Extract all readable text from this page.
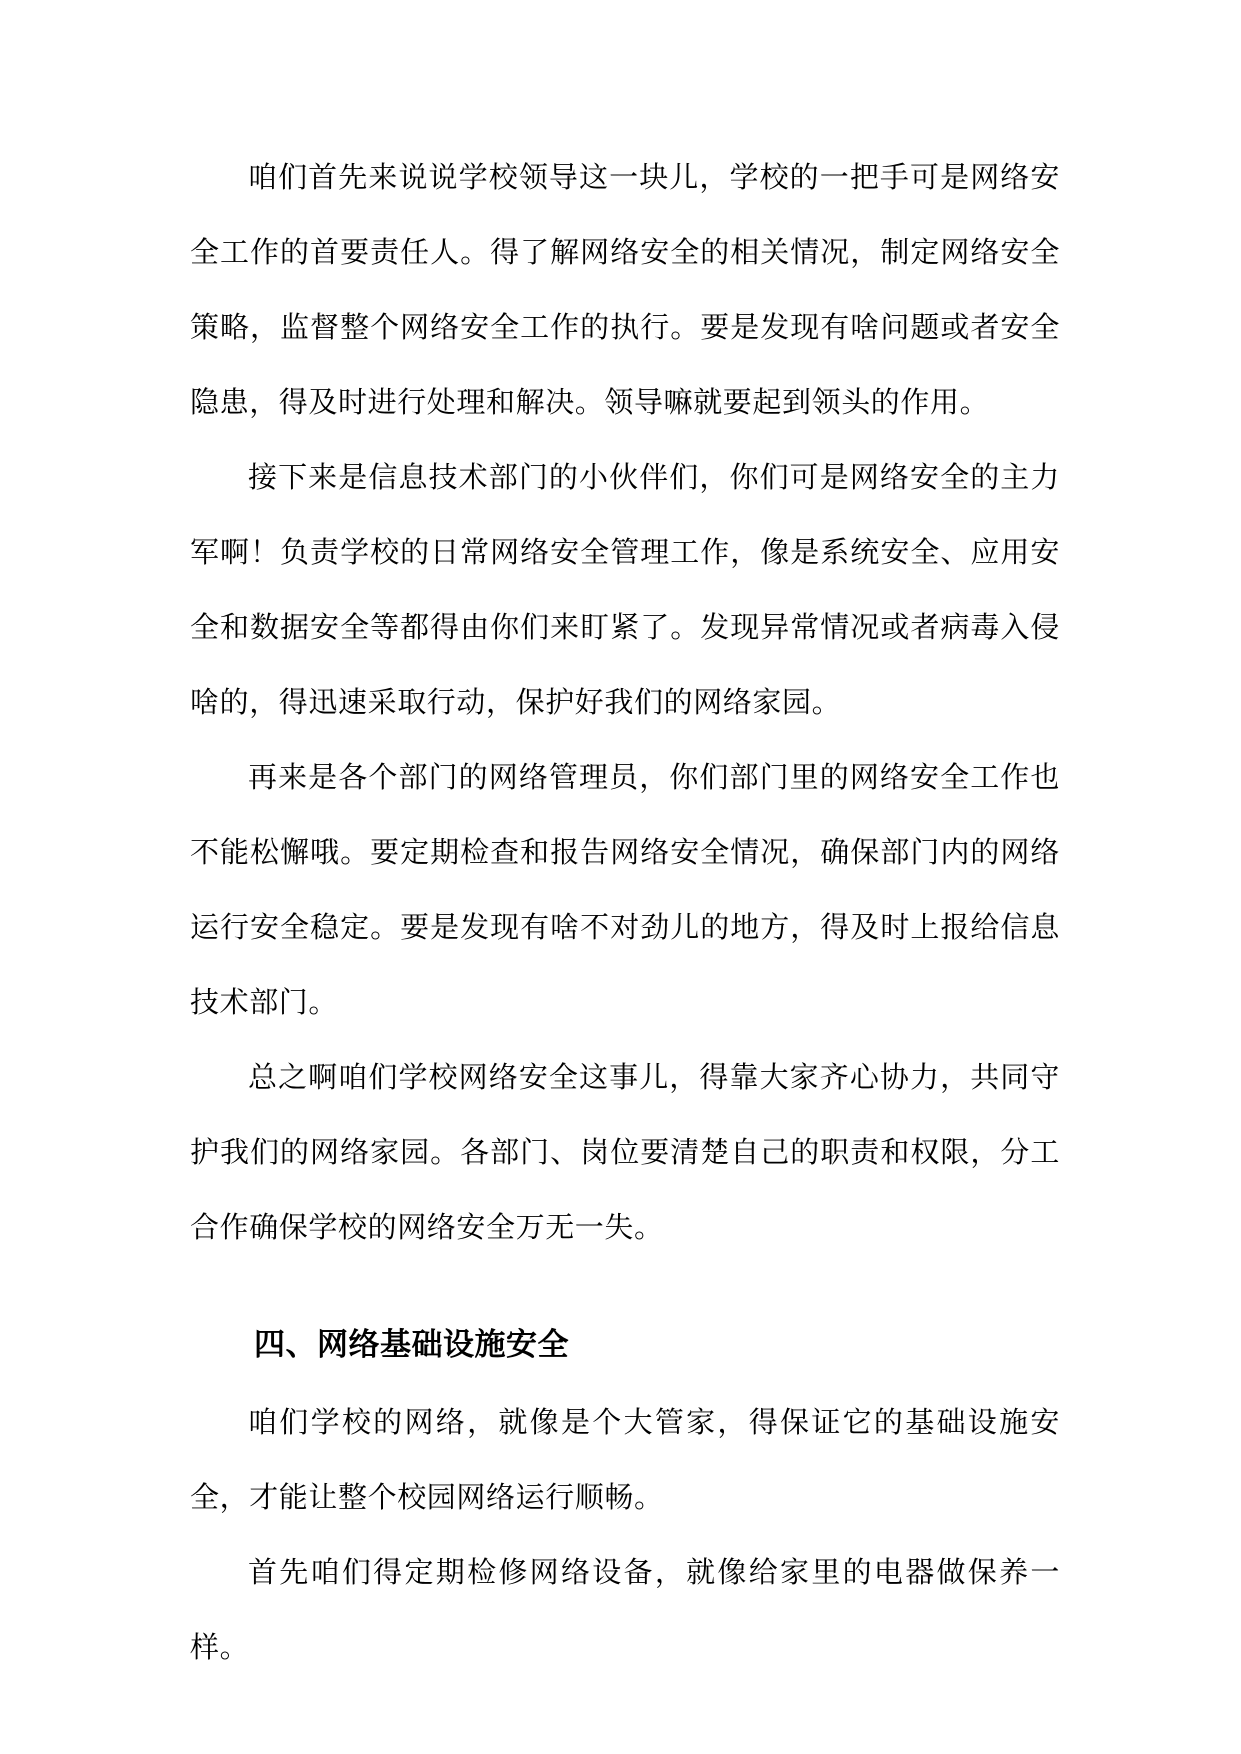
咱们首先来说说学校领导这一块儿，学校的一把手可是网络安全工作的首要责任人。得了解网络安全的相关情况，制定网络安全策略，监督整个网络安全工作的执行。要是发现有啥问题或者安全隐患，得及时进行处理和解决。领导嘛就要起到领头的作用。

接下来是信息技术部门的小伙伴们，你们可是网络安全的主力军啊！负责学校的日常网络安全管理工作，像是系统安全、应用安全和数据安全等都得由你们来盯紧了。发现异常情况或者病毒入侵啥的，得迅速采取行动，保护好我们的网络家园。

再来是各个部门的网络管理员，你们部门里的网络安全工作也不能松懈哦。要定期检查和报告网络安全情况，确保部门内的网络运行安全稳定。要是发现有啥不对劲儿的地方，得及时上报给信息技术部门。

总之啊咱们学校网络安全这事儿，得靠大家齐心协力，共同守护我们的网络家园。各部门、岗位要清楚自己的职责和权限，分工合作确保学校的网络安全万无一失。

四、网络基础设施安全

咱们学校的网络，就像是个大管家，得保证它的基础设施安全，才能让整个校园网络运行顺畅。

首先咱们得定期检修网络设备，就像给家里的电器做保养一样。
